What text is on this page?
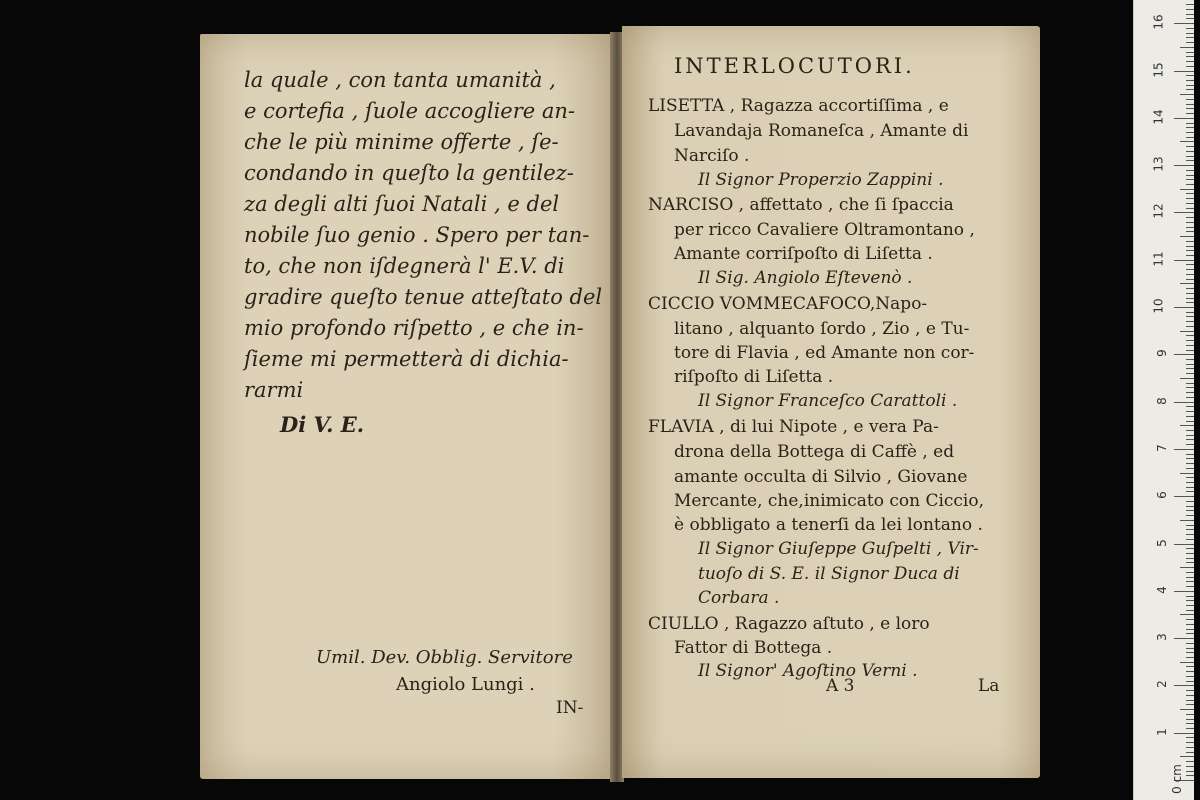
la quale , con tanta umanità ,
e cortefia , ſuole accogliere an-
che le più minime offerte , ſe-
condando in queſto la gentilez-
za degli alti ſuoi Natali , e del
nobile ſuo genio . Spero per tan-
to, che non iſdegnerà l' E.V. di
gradire queſto tenue atteſtato del
mio profondo riſpetto , e che in-
ſieme mi permetterà di dichia-
rarmi
Di V. E.
Umil. Dev. Obblig. Servitore
Angiolo Lungi .
IN-
INTERLOCUTORI.
LISETTA , Ragazza accortiſſima , e
Lavandaja Romaneſca , Amante di
Narciſo .
Il Signor Properzio Zappini .
NARCISO , affettato , che ſi ſpaccia
per ricco Cavaliere Oltramontano ,
Amante corriſpoſto di Liſetta .
Il Sig. Angiolo Eſtevenò .
CICCIO VOMMECAFOCO,Napo-
litano , alquanto ſordo , Zio , e Tu-
tore di Flavia , ed Amante non cor-
riſpoſto di Liſetta .
Il Signor Franceſco Carattoli .
FLAVIA , di lui Nipote , e vera Pa-
drona della Bottega di Caffè , ed
amante occulta di Silvio , Giovane
Mercante, che,inimicato con Ciccio,
è obbligato a tenerſi da lei lontano .
Il Signor Giuſeppe Guſpelti , Vir-
tuoſo di S. E. il Signor Duca di
Corbara .
CIULLO , Ragazzo aſtuto , e loro
Fattor di Bottega .
Il Signor' Agoſtino Verni .
A 3	La
0 cm
1
2
3
4
5
6
7
8
9
10
11
12
13
14
15
16
